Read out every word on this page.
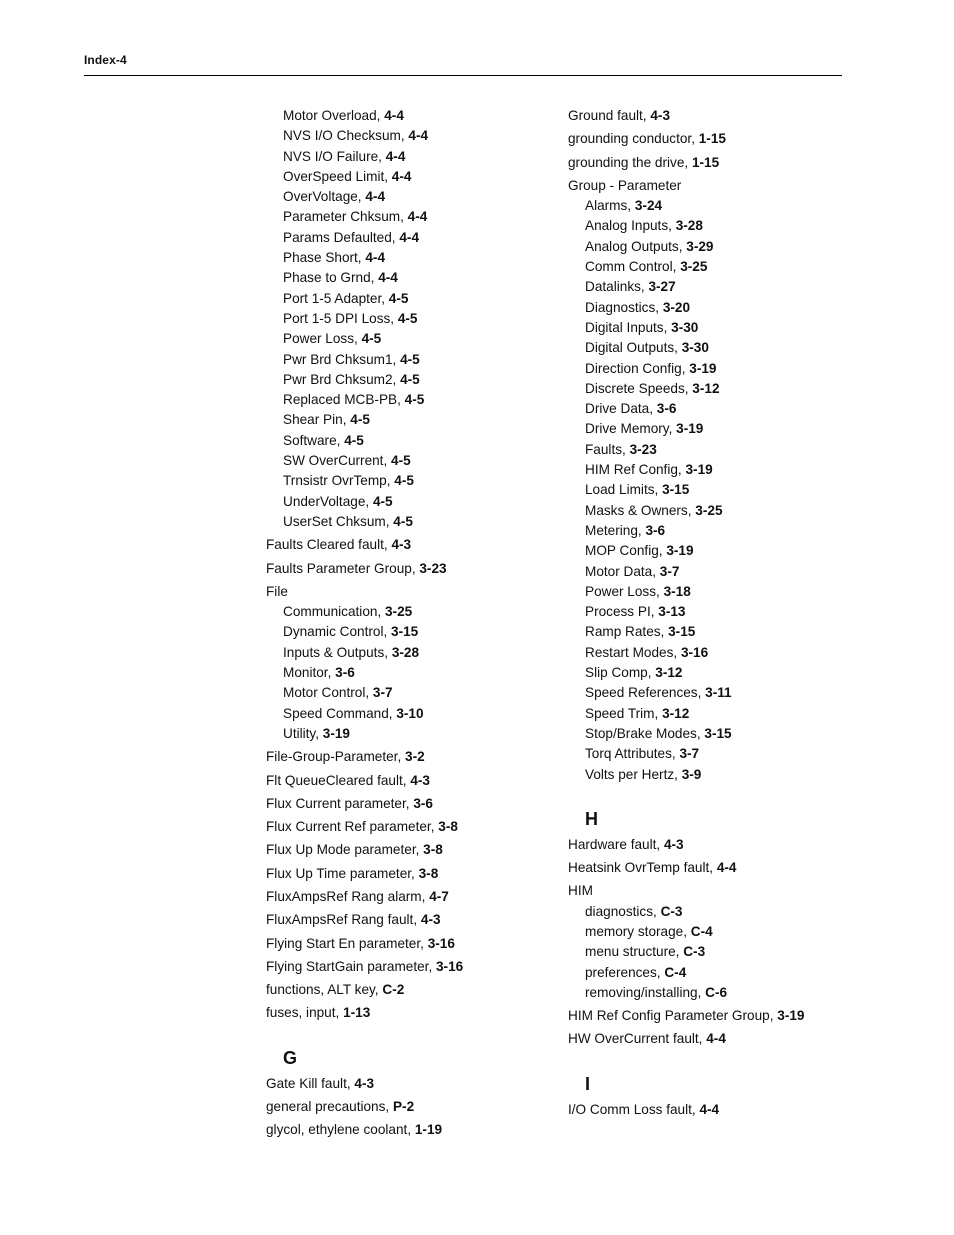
Index-4
Motor Overload, 4-4
NVS I/O Checksum, 4-4
NVS I/O Failure, 4-4
OverSpeed Limit, 4-4
OverVoltage, 4-4
Parameter Chksum, 4-4
Params Defaulted, 4-4
Phase Short, 4-4
Phase to Grnd, 4-4
Port 1-5 Adapter, 4-5
Port 1-5 DPI Loss, 4-5
Power Loss, 4-5
Pwr Brd Chksum1, 4-5
Pwr Brd Chksum2, 4-5
Replaced MCB-PB, 4-5
Shear Pin, 4-5
Software, 4-5
SW OverCurrent, 4-5
Trnsistr OvrTemp, 4-5
UnderVoltage, 4-5
UserSet Chksum, 4-5
Faults Cleared fault, 4-3
Faults Parameter Group, 3-23
File
Communication, 3-25
Dynamic Control, 3-15
Inputs & Outputs, 3-28
Monitor, 3-6
Motor Control, 3-7
Speed Command, 3-10
Utility, 3-19
File-Group-Parameter, 3-2
Flt QueueCleared fault, 4-3
Flux Current parameter, 3-6
Flux Current Ref parameter, 3-8
Flux Up Mode parameter, 3-8
Flux Up Time parameter, 3-8
FluxAmpsRef Rang alarm, 4-7
FluxAmpsRef Rang fault, 4-3
Flying Start En parameter, 3-16
Flying StartGain parameter, 3-16
functions, ALT key, C-2
fuses, input, 1-13
G
Gate Kill fault, 4-3
general precautions, P-2
glycol, ethylene coolant, 1-19
Ground fault, 4-3
grounding conductor, 1-15
grounding the drive, 1-15
Group - Parameter
Alarms, 3-24
Analog Inputs, 3-28
Analog Outputs, 3-29
Comm Control, 3-25
Datalinks, 3-27
Diagnostics, 3-20
Digital Inputs, 3-30
Digital Outputs, 3-30
Direction Config, 3-19
Discrete Speeds, 3-12
Drive Data, 3-6
Drive Memory, 3-19
Faults, 3-23
HIM Ref Config, 3-19
Load Limits, 3-15
Masks & Owners, 3-25
Metering, 3-6
MOP Config, 3-19
Motor Data, 3-7
Power Loss, 3-18
Process PI, 3-13
Ramp Rates, 3-15
Restart Modes, 3-16
Slip Comp, 3-12
Speed References, 3-11
Speed Trim, 3-12
Stop/Brake Modes, 3-15
Torq Attributes, 3-7
Volts per Hertz, 3-9
H
Hardware fault, 4-3
Heatsink OvrTemp fault, 4-4
HIM
diagnostics, C-3
memory storage, C-4
menu structure, C-3
preferences, C-4
removing/installing, C-6
HIM Ref Config Parameter Group, 3-19
HW OverCurrent fault, 4-4
I
I/O Comm Loss fault, 4-4
